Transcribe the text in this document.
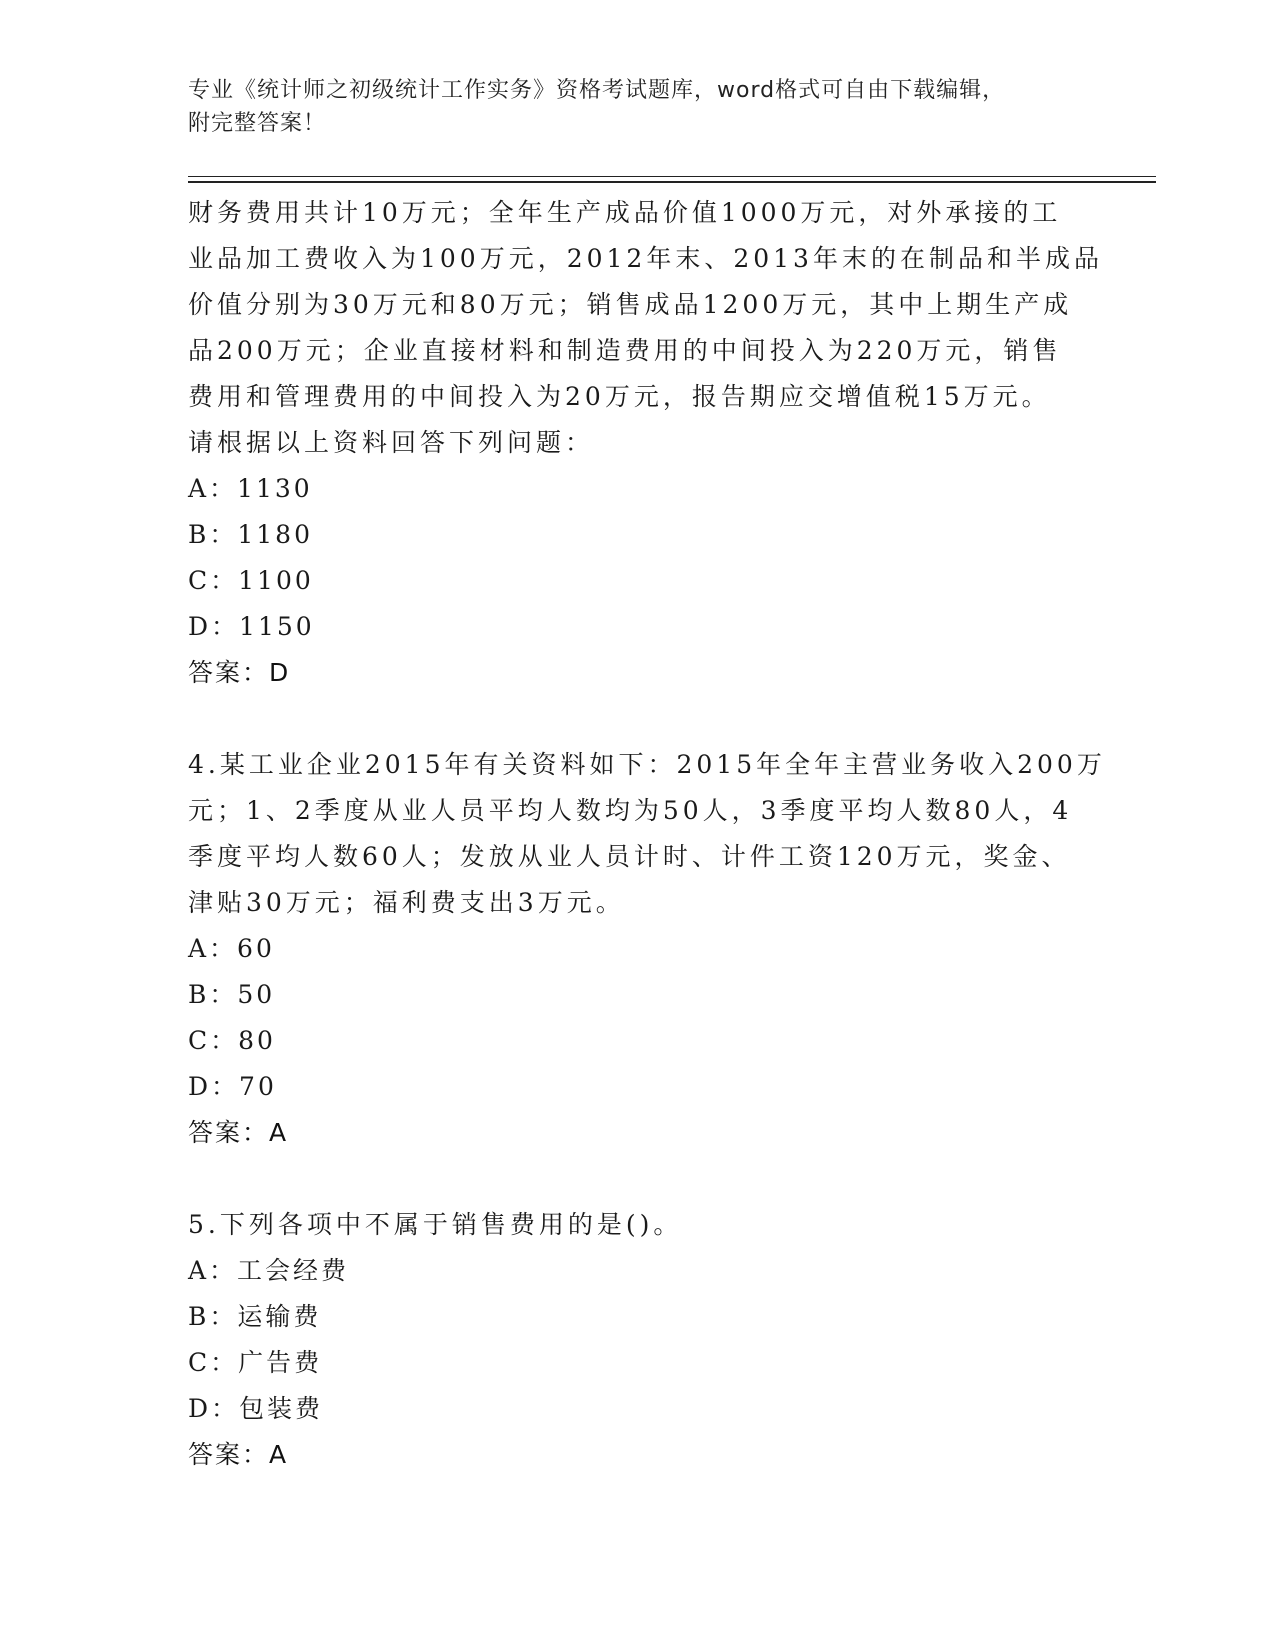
专业《统计师之初级统计工作实务》资格考试题库，word格式可自由下载编辑，
附完整答案！
财务费用共计10万元；全年生产成品价值1000万元，对外承接的工
业品加工费收入为100万元，2012年末、2013年末的在制品和半成品
价值分别为30万元和80万元；销售成品1200万元，其中上期生产成
品200万元；企业直接材料和制造费用的中间投入为220万元，销售
费用和管理费用的中间投入为20万元，报告期应交增值税15万元。
请根据以上资料回答下列问题：
A：1130
B：1180
C：1100
D：1150
答案：D
4.某工业企业2015年有关资料如下：2015年全年主营业务收入200万
元；1、2季度从业人员平均人数均为50人，3季度平均人数80人，4
季度平均人数60人；发放从业人员计时、计件工资120万元，奖金、
津贴30万元；福利费支出3万元。
A：60
B：50
C：80
D：70
答案：A
5.下列各项中不属于销售费用的是()。
A：工会经费
B：运输费
C：广告费
D：包装费
答案：A
